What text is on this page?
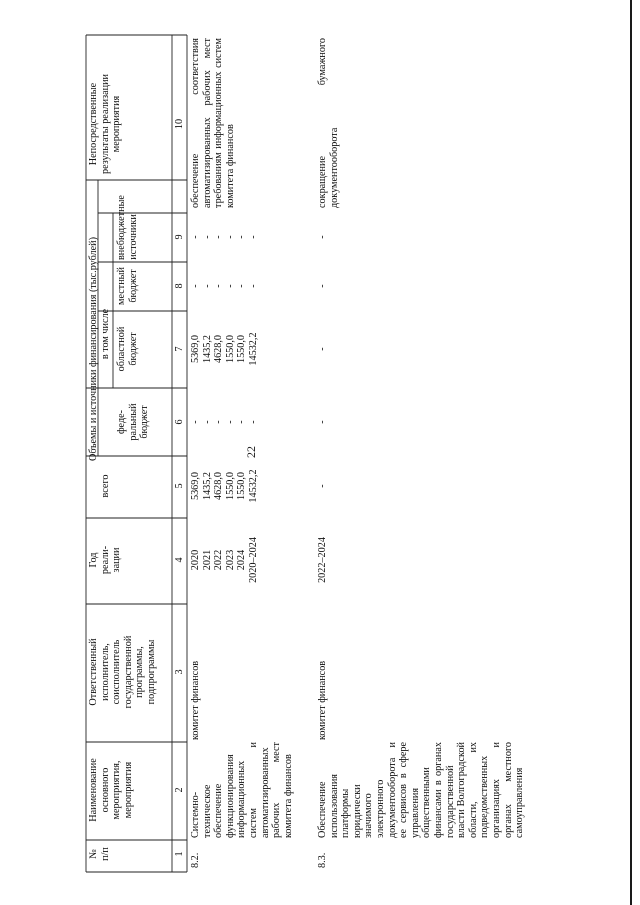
22
№
п/п
Наименование
основного
мероприятия,
мероприятия
Ответственный
исполнитель,
соисполнитель
государственной
программы,
подпрограммы
Год
реали-
зации
Объемы и источники финансирования (тыс.рублей)
всего
в том числе
феде-
ральный
бюджет
областной
бюджет
местный
бюджет
внебюджетные
источники
Непосредственные
результаты реализации
мероприятия
1
2
3
4
5
6
7
8
9
10
8.2.
Системно-техническое обеспечение функционирования информационных систем и автоматизированных рабочих мест комитета финансов
комитет финансов
2020 2021 2022 2023 2024 2020–2024
5369,0 1435,2 4628,0 1550,0 1550,0 14532,2
- - - - - -
5369,0 1435,2 4628,0 1550,0 1550,0 14532,2
- - - - - -
- - - - - -
обеспечение соответствия автоматизированных рабочих мест требованиям информационных систем комитета финансов
8.3.
Обеспечение использования платформы юридически значимого электронного документооборота и ее сервисов в сфере управления общественными финансами в органах государственной власти Волгоградской области, их подведомственных организациях и органах местного самоуправления
комитет финансов
2022–2024
-
-
-
-
-
сокращение бумажного документооборота
